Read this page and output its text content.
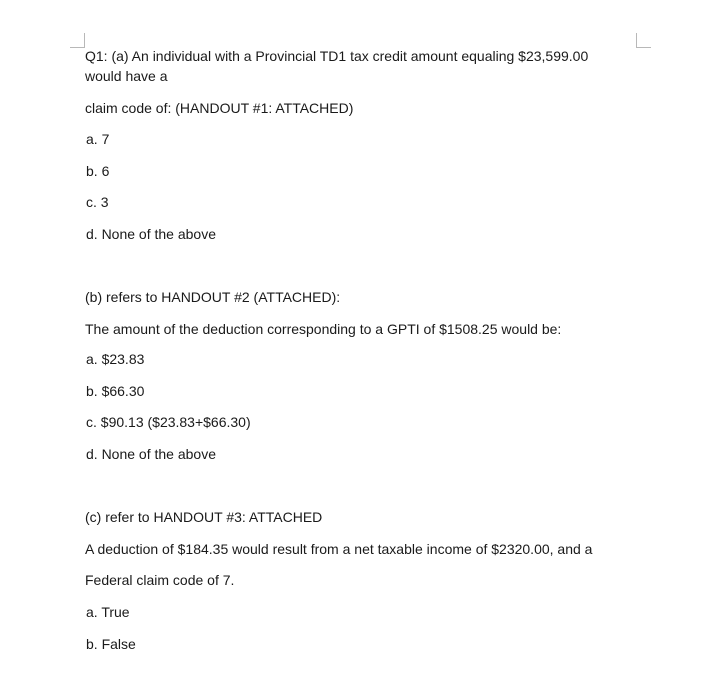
Q1: (a) An individual with a Provincial TD1 tax credit amount equaling $23,599.00

would have a

claim code of: (HANDOUT #1: ATTACHED)

a. 7

b. 6

c. 3

d. None of the above

(b) refers to HANDOUT #2 (ATTACHED):

The amount of the deduction corresponding to a GPTI of $1508.25 would be:

a. $23.83

b. $66.30

c. $90.13 ($23.83+$66.30)

d. None of the above

(c) refer to HANDOUT #3: ATTACHED

A deduction of $184.35 would result from a net taxable income of $2320.00, and a

Federal claim code of 7.

a. True

b. False
